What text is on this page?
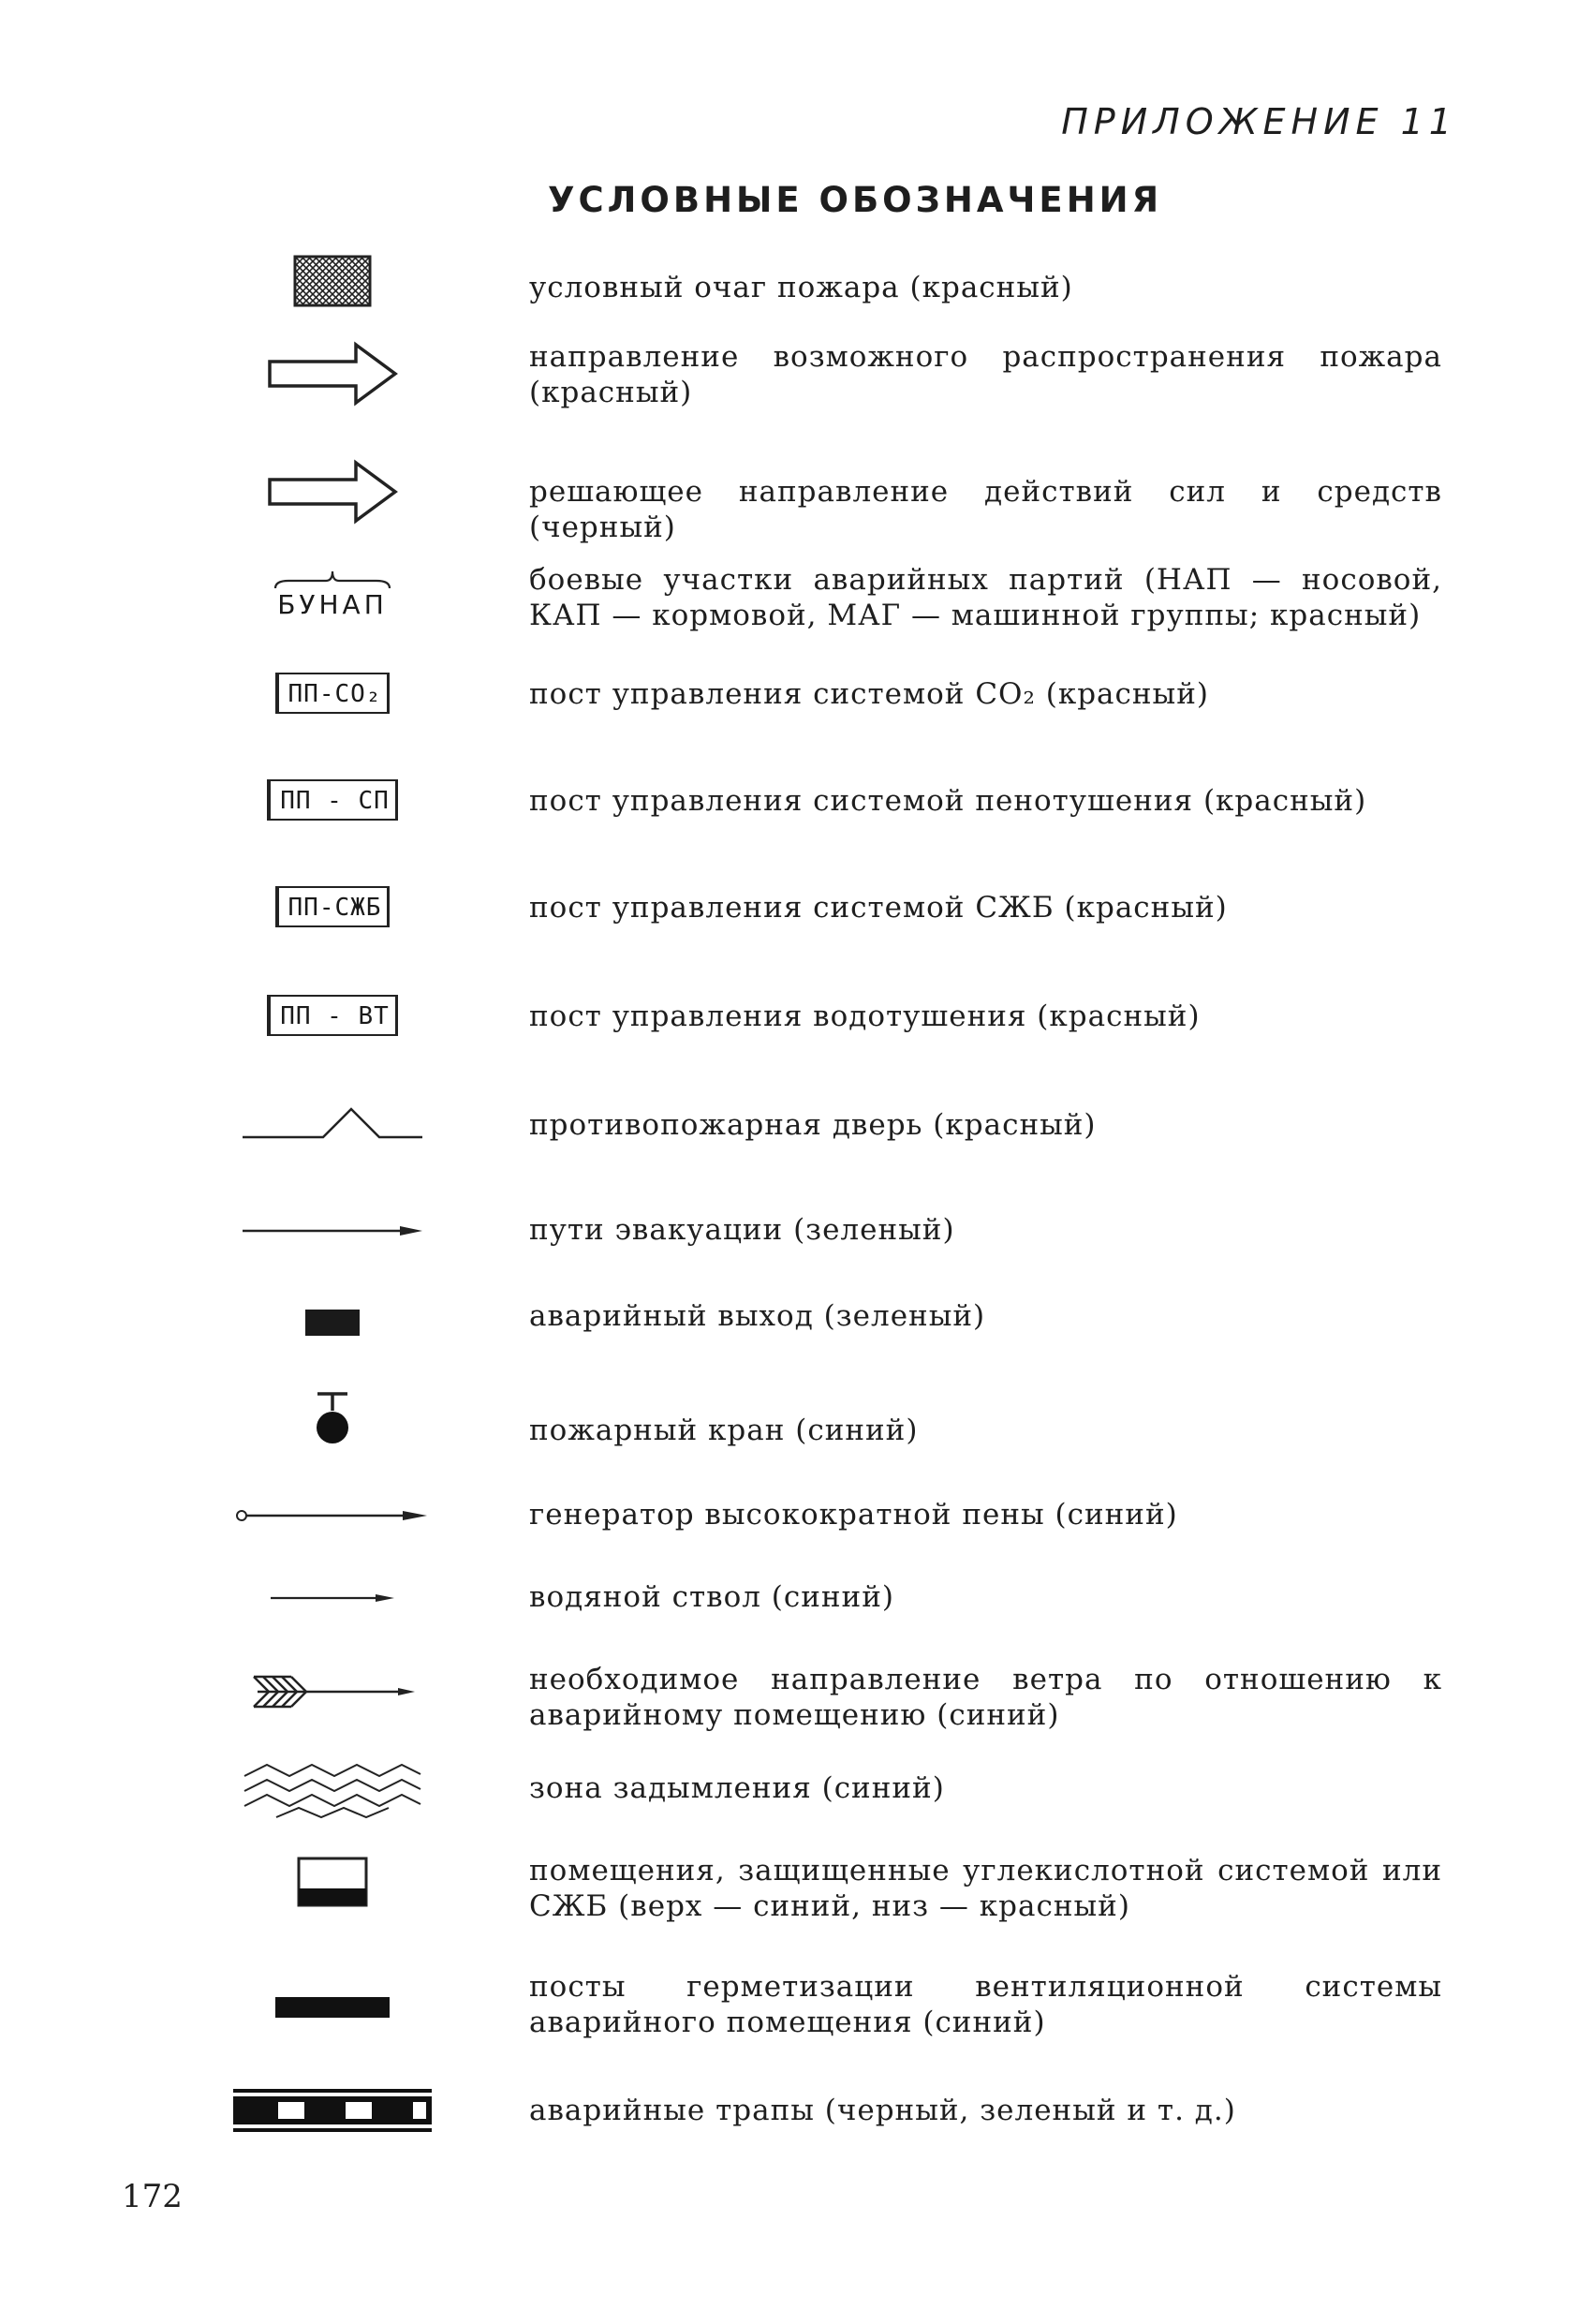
ПРИЛОЖЕНИЕ 11
УСЛОВНЫЕ ОБОЗНАЧЕНИЯ
условный очаг пожара (красный)
направление возможного распространения пожара (красный)
решающее направление действий сил и средств (черный)
БУНАП
боевые участки аварийных партий (НАП — носовой, КАП — кормовой, МАГ — машинной группы; красный)
ПП-CO₂	пост управления системой CO₂ (красный)
ПП - СП	пост управления системой пенотушения (красный)
ПП-СЖБ	пост управления системой СЖБ (красный)
ПП - ВТ	пост управления водотушения (красный)
противопожарная дверь (красный)
пути эвакуации (зеленый)
аварийный выход (зеленый)
пожарный кран (синий)
генератор высокократной пены (синий)
водяной ствол (синий)
необходимое направление ветра по отношению к аварийному помещению (синий)
зона задымления (синий)
помещения, защищенные углекислотной системой или СЖБ (верх — синий, низ — красный)
посты герметизации вентиляционной системы аварийного помещения (синий)
аварийные трапы (черный, зеленый и т. д.)
172
